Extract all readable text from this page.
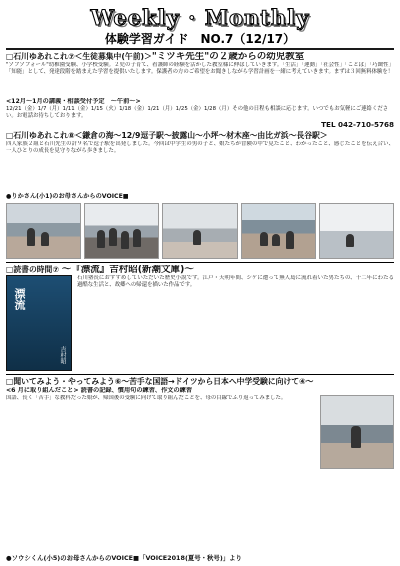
Weekly · Monthly
体験学習ガイド　NO.7（12/17）
□石川ゆあれこれ⑦＜生徒募集中(午前)＞"ミツキ先生"の２歳からの幼児教室
"ゾフゾフォール"幼稚園受験、小学校受験。２児の子育て、看護師の経験を活かした教室様に伸ばしていきます。「生活」「運動」「社会性」「ことば」「巧緻性」「知能」として、発達段階を踏まえた学習を提供いたします。保護者の方のご希望をお聞きしながら学習計画を一緒に考えていきます。まずは３回無料体験を！
<12月～1月の講義・相談受付予定　～午前～>
12/21（金）1/7（月）1/11（金）1/15（火）1/18（金）1/21（月）1/25（金）1/28（月）その他の日程も相談に応じます。いつでもお気軽にご連絡ください。お電話お待ちしております。
TEL 042-710-5768
□石川ゆあれこれ⑧＜鎌倉の海～12/9逗子駅～披露山～小坪～材木座～由比ガ浜～長谷駅＞
四人家族２組と石川先生の計９名で逗子駅を出発しました。今回は中学生の男の子と、娘たちが冒険の中で見たこと、わかったこと、感じたことを伝え合い、一人ひとりの成長を見守りながら歩きました。
●りかさん(小1)のお母さんからのVOICE■
□読書の時間⑦ ～『漂流』吉村昭(新潮文庫)～
漂流
吉村昭
石川塾長におすすめしていただいた歴史小説です。江戸・天明年間、シケに遭って無人島に流れ着いた男たちの、十二年にわたる過酷な生活と、故郷への帰還を描いた作品です。
□聞いてみよう・やってみよう⑥～苦手な国語→ドイツから日本へ中学受験に向けて④～
<6 月に取り組んだこと> 読書の記録、慣用句の練習、作文の練習
国語、長く「苦手」な教科だった娘が、帰国後の受験に向けて取り組んだことを、母の目線でふり返ってみました。
●ソウシくん(小5)のお母さんからのVOICE■「VOICE2018(夏号・秋号)」より
